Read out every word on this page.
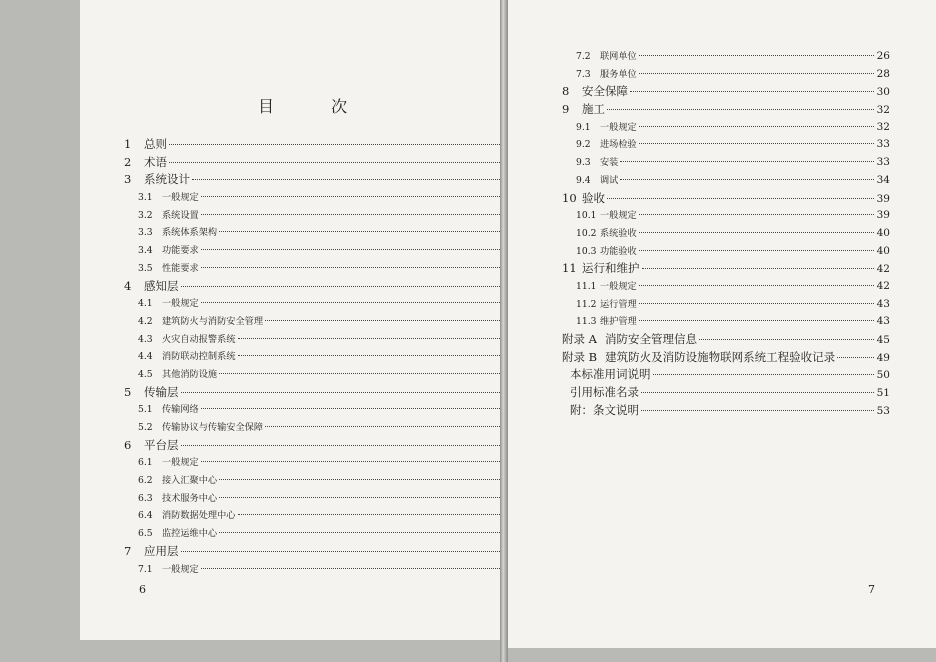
目 次
1	总则
2	术语
3	系统设计
3.1	一般规定
3.2	系统设置
3.3	系统体系架构
3.4	功能要求
3.5	性能要求
4	感知层
4.1	一般规定
4.2	建筑防火与消防安全管理
4.3	火灾自动报警系统
4.4	消防联动控制系统
4.5	其他消防设施
5	传输层
5.1	传输网络
5.2	传输协议与传输安全保障
6	平台层
6.1	一般规定
6.2	接入汇聚中心
6.3	技术服务中心
6.4	消防数据处理中心
6.5	监控运维中心
7	应用层
7.1	一般规定
6
7.2	联网单位	26
7.3	服务单位	28
8	安全保障	30
9	施工	32
9.1	一般规定	32
9.2	进场检验	33
9.3	安装	33
9.4	调试	34
10 验收	39
10.1 一般规定	39
10.2 系统验收	40
10.3 功能验收	40
11 运行和维护	42
11.1 一般规定	42
11.2 运行管理	43
11.3 维护管理	43
附录 A 消防安全管理信息	45
附录 B 建筑防火及消防设施物联网系统工程验收记录	49
本标准用词说明	50
引用标准名录	51
附：条文说明	53
7
